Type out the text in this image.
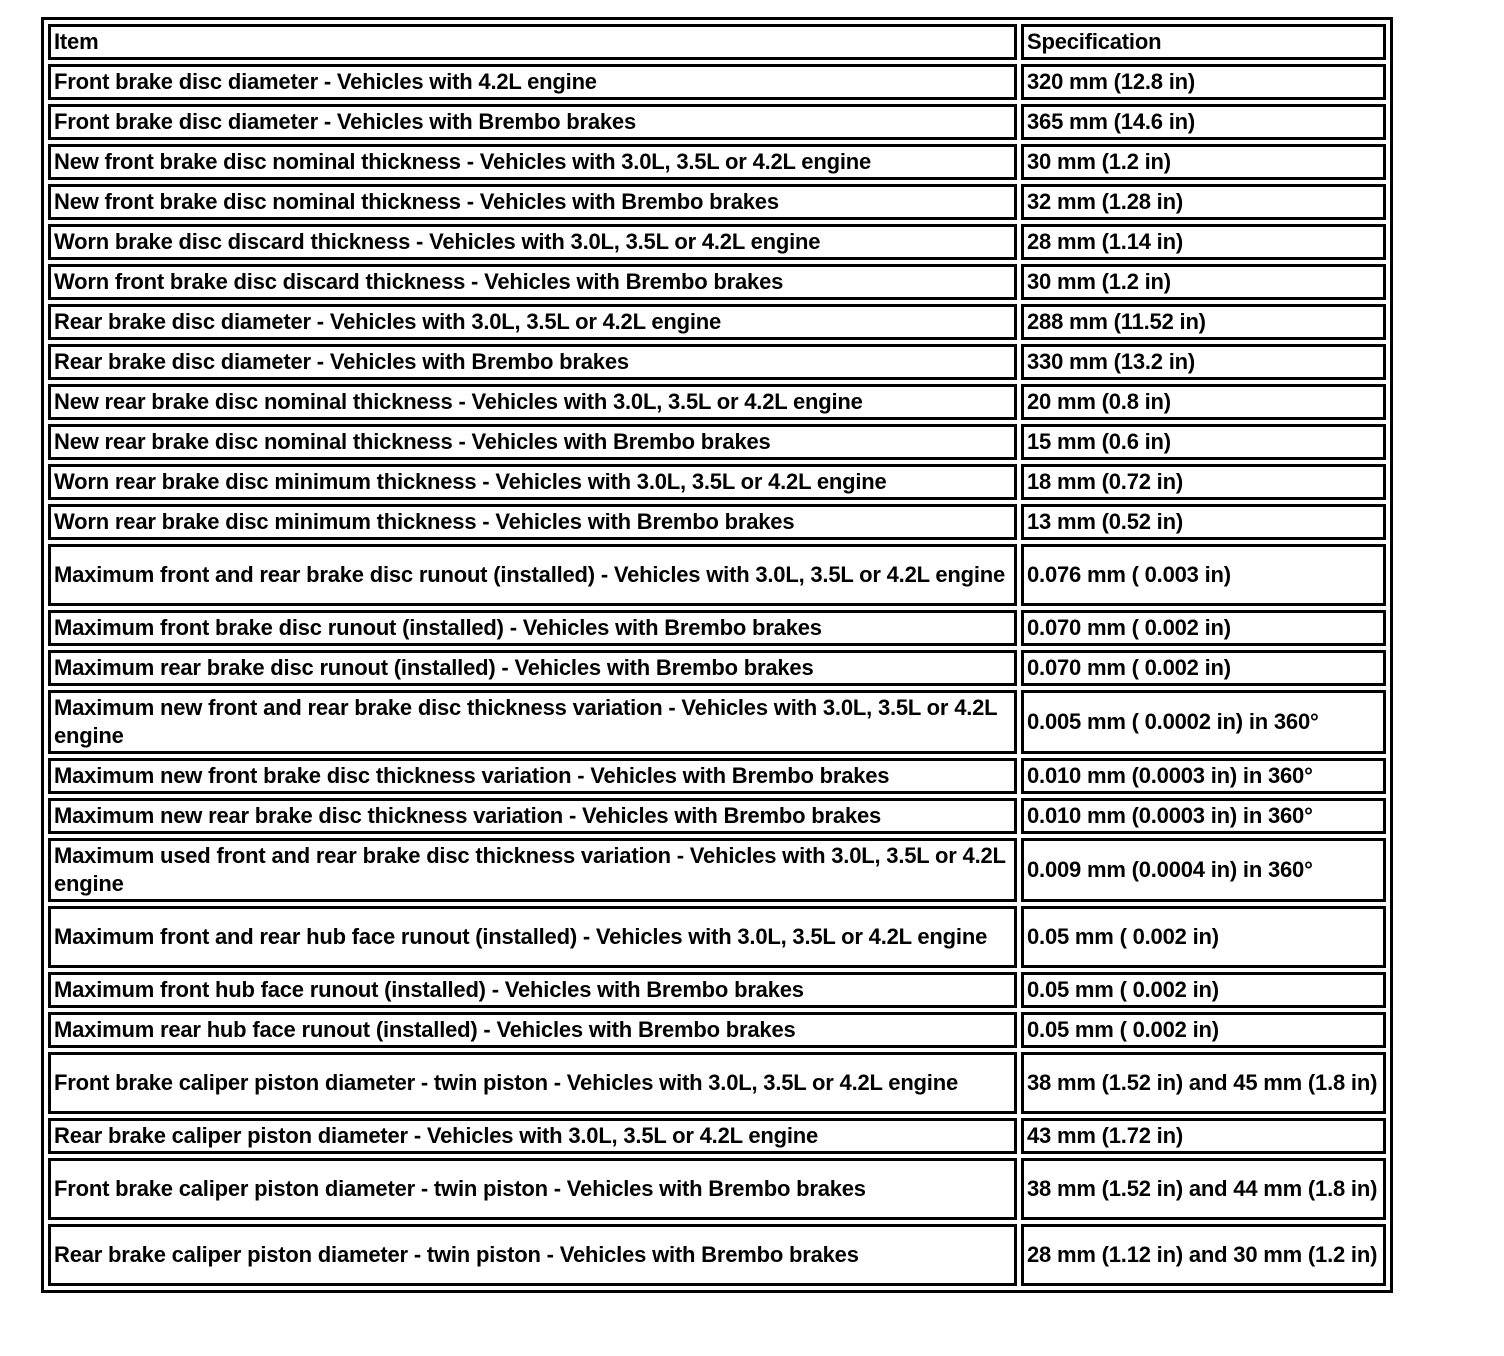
Item	Specification
Front brake disc diameter - Vehicles with 4.2L engine	320 mm (12.8 in)
Front brake disc diameter - Vehicles with Brembo brakes	365 mm (14.6 in)
New front brake disc nominal thickness - Vehicles with 3.0L, 3.5L or 4.2L engine	30 mm (1.2 in)
New front brake disc nominal thickness - Vehicles with Brembo brakes	32 mm (1.28 in)
Worn brake disc discard thickness - Vehicles with 3.0L, 3.5L or 4.2L engine	28 mm (1.14 in)
Worn front brake disc discard thickness - Vehicles with Brembo brakes	30 mm (1.2 in)
Rear brake disc diameter - Vehicles with 3.0L, 3.5L or 4.2L engine	288 mm (11.52 in)
Rear brake disc diameter - Vehicles with Brembo brakes	330 mm (13.2 in)
New rear brake disc nominal thickness - Vehicles with 3.0L, 3.5L or 4.2L engine	20 mm (0.8 in)
New rear brake disc nominal thickness - Vehicles with Brembo brakes	15 mm (0.6 in)
Worn rear brake disc minimum thickness - Vehicles with 3.0L, 3.5L or 4.2L engine	18 mm (0.72 in)
Worn rear brake disc minimum thickness - Vehicles with Brembo brakes	13 mm (0.52 in)
Maximum front and rear brake disc runout (installed) - Vehicles with 3.0L, 3.5L or 4.2L engine	0.076 mm ( 0.003 in)
Maximum front brake disc runout (installed) - Vehicles with Brembo brakes	0.070 mm ( 0.002 in)
Maximum rear brake disc runout (installed) - Vehicles with Brembo brakes	0.070 mm ( 0.002 in)
Maximum new front and rear brake disc thickness variation - Vehicles with 3.0L, 3.5L or 4.2L engine	0.005 mm ( 0.0002 in) in 360°
Maximum new front brake disc thickness variation - Vehicles with Brembo brakes	0.010 mm (0.0003 in) in 360°
Maximum new rear brake disc thickness variation - Vehicles with Brembo brakes	0.010 mm (0.0003 in) in 360°
Maximum used front and rear brake disc thickness variation - Vehicles with 3.0L, 3.5L or 4.2L engine	0.009 mm (0.0004 in) in 360°
Maximum front and rear hub face runout (installed) - Vehicles with 3.0L, 3.5L or 4.2L engine	0.05 mm ( 0.002 in)
Maximum front hub face runout (installed) - Vehicles with Brembo brakes	0.05 mm ( 0.002 in)
Maximum rear hub face runout (installed) - Vehicles with Brembo brakes	0.05 mm ( 0.002 in)
Front brake caliper piston diameter - twin piston - Vehicles with 3.0L, 3.5L or 4.2L engine	38 mm (1.52 in) and 45 mm (1.8 in)
Rear brake caliper piston diameter - Vehicles with 3.0L, 3.5L or 4.2L engine	43 mm (1.72 in)
Front brake caliper piston diameter - twin piston - Vehicles with Brembo brakes	38 mm (1.52 in) and 44 mm (1.8 in)
Rear brake caliper piston diameter - twin piston - Vehicles with Brembo brakes	28 mm (1.12 in) and 30 mm (1.2 in)
